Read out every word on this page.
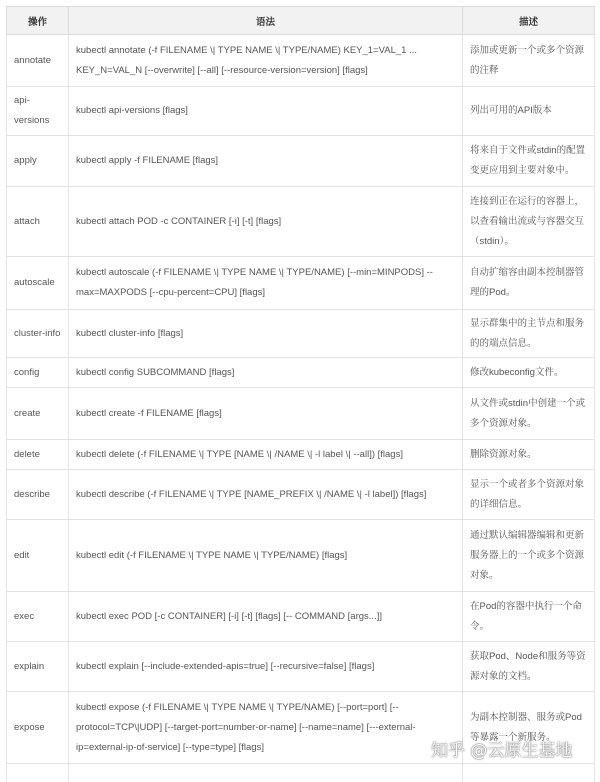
操作	语法	描述
annotate	kubectl annotate (-f FILENAME \| TYPE NAME \| TYPE/NAME) KEY_1=VAL_1 ... KEY_N=VAL_N [--overwrite] [--all] [--resource-version=version] [flags]	添加或更新一个或多个资源的注释
api-versions	kubectl api-versions [flags]	列出可用的API版本
apply	kubectl apply -f FILENAME [flags]	将来自于文件或stdin的配置变更应用到主要对象中。
attach	kubectl attach POD -c CONTAINER [-i] [-t] [flags]	连接到正在运行的容器上，以查看输出流或与容器交互（stdin）。
autoscale	kubectl autoscale (-f FILENAME \| TYPE NAME \| TYPE/NAME) [--min=MINPODS] --max=MAXPODS [--cpu-percent=CPU] [flags]	自动扩缩容由副本控制器管理的Pod。
cluster-info	kubectl cluster-info [flags]	显示群集中的主节点和服务的的端点信息。
config	kubectl config SUBCOMMAND [flags]	修改kubeconfig文件。
create	kubectl create -f FILENAME [flags]	从文件或stdin中创建一个或多个资源对象。
delete	kubectl delete (-f FILENAME \| TYPE [NAME \| /NAME \| -l label \| --all]) [flags]	删除资源对象。
describe	kubectl describe (-f FILENAME \| TYPE [NAME_PREFIX \| /NAME \| -l label]) [flags]	显示一个或者多个资源对象的详细信息。
edit	kubectl edit (-f FILENAME \| TYPE NAME \| TYPE/NAME) [flags]	通过默认编辑器编辑和更新服务器上的一个或多个资源对象。
exec	kubectl exec POD [-c CONTAINER] [-i] [-t] [flags] [-- COMMAND [args...]]	在Pod的容器中执行一个命令。
explain	kubectl explain [--include-extended-apis=true] [--recursive=false] [flags]	获取Pod、Node和服务等资源对象的文档。
expose	kubectl expose (-f FILENAME \| TYPE NAME \| TYPE/NAME) [--port=port] [--protocol=TCP\|UDP] [--target-port=number-or-name] [--name=name] [---external-ip=external-ip-of-service] [--type=type] [flags]	为副本控制器、服务或Pod等暴露一个新服务。

知乎 @云原生基地
